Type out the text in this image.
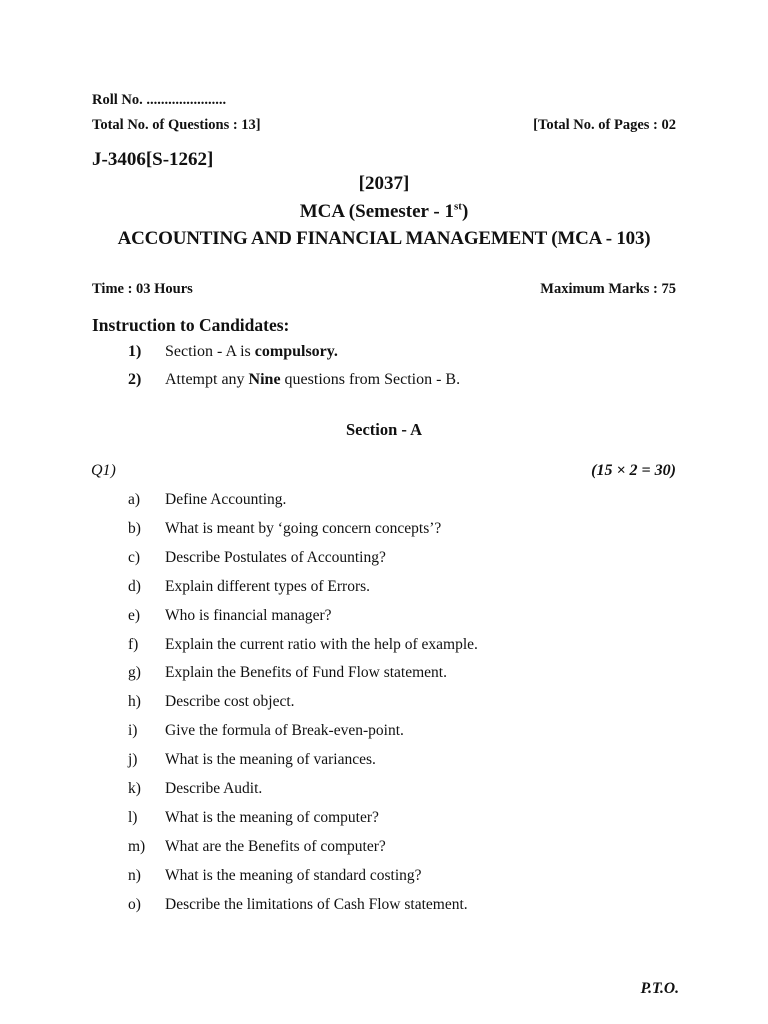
Roll No. ......................
Total No. of Questions : 13]	[Total No. of Pages : 02
J-3406[S-1262]
[2037]
MCA (Semester - 1st)
ACCOUNTING AND FINANCIAL MANAGEMENT (MCA - 103)
Time : 03 Hours	Maximum Marks : 75
Instruction to Candidates:
1) Section - A is compulsory.
2) Attempt any Nine questions from Section - B.
Section - A
Q1)	(15 × 2 = 30)
a) Define Accounting.
b) What is meant by ‘going concern concepts’?
c) Describe Postulates of Accounting?
d) Explain different types of Errors.
e) Who is financial manager?
f) Explain the current ratio with the help of example.
g) Explain the Benefits of Fund Flow statement.
h) Describe cost object.
i) Give the formula of Break-even-point.
j) What is the meaning of variances.
k) Describe Audit.
l) What is the meaning of computer?
m) What are the Benefits of computer?
n) What is the meaning of standard costing?
o) Describe the limitations of Cash Flow statement.
P.T.O.
